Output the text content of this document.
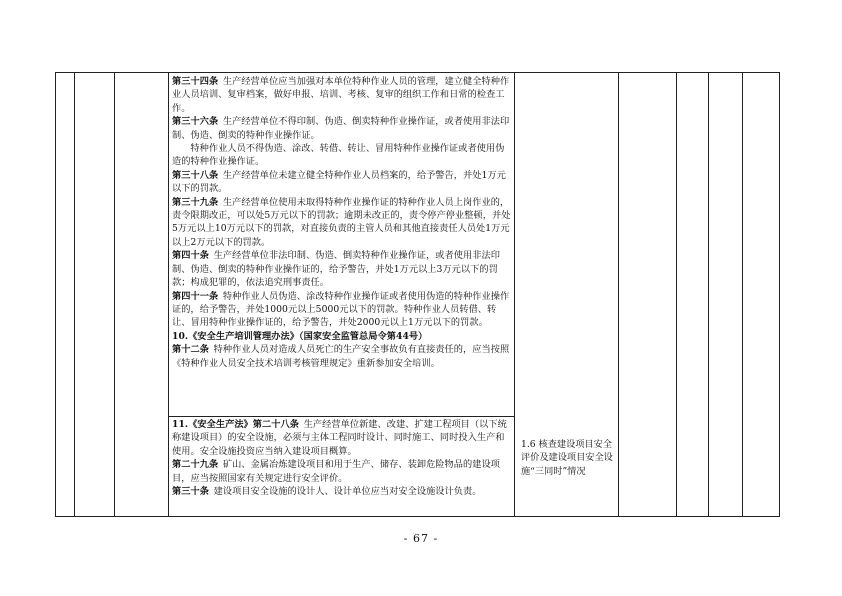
第三十四条  生产经营单位应当加强对本单位特种作业人员的管理，建立健全特种作业人员培训、复审档案，做好申报、培训、考核、复审的组织工作和日常的检查工作。

第三十六条  生产经营单位不得印制、伪造、倒卖特种作业操作证，或者使用非法印制、伪造、倒卖的特种作业操作证。

特种作业人员不得伪造、涂改、转借、转让、冒用特种作业操作证或者使用伪造的特种作业操作证。

第三十八条  生产经营单位未建立健全特种作业人员档案的，给予警告，并处1万元以下的罚款。

第三十九条  生产经营单位使用未取得特种作业操作证的特种作业人员上岗作业的，责令限期改正，可以处5万元以下的罚款；逾期未改正的，责令停产停业整顿，并处5万元以上10万元以下的罚款，对直接负责的主管人员和其他直接责任人员处1万元以上2万元以下的罚款。

第四十条  生产经营单位非法印制、伪造、倒卖特种作业操作证，或者使用非法印制、伪造、倒卖的特种作业操作证的，给予警告，并处1万元以上3万元以下的罚款；构成犯罪的，依法追究刑事责任。

第四十一条  特种作业人员伪造、涂改特种作业操作证或者使用伪造的特种作业操作证的，给予警告，并处1000元以上5000元以下的罚款。特种作业人员转借、转让、冒用特种作业操作证的，给予警告，并处2000元以上1万元以下的罚款。

10.《安全生产培训管理办法》（国家安全监管总局令第44号）

第十二条  特种作业人员对造成人员死亡的生产安全事故负有直接责任的，应当按照《特种作业人员安全技术培训考核管理规定》重新参加安全培训。

11.《安全生产法》第二十八条  生产经营单位新建、改建、扩建工程项目（以下统称建设项目）的安全设施，必须与主体工程同时设计、同时施工、同时投入生产和使用。安全设施投资应当纳入建设项目概算。

第二十九条  矿山、金属冶炼建设项目和用于生产、储存、装卸危险物品的建设项目，应当按照国家有关规定进行安全评价。

第三十条  建设项目安全设施的设计人、设计单位应当对安全设施设计负责。

1.6 核查建设项目安全评价及建设项目安全设施“三同时”情况
- 67 -
